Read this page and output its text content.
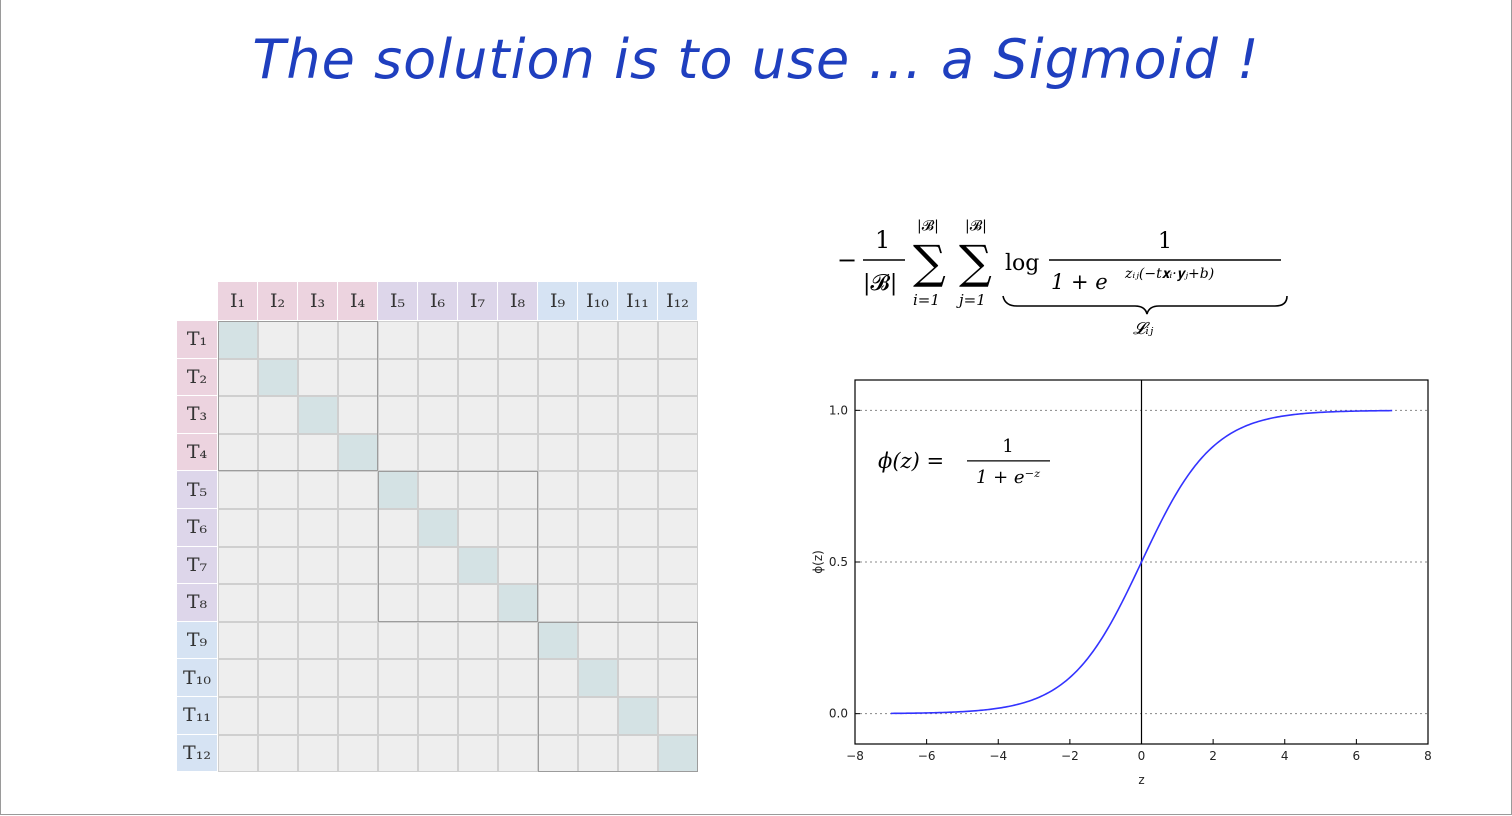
The solution is to use ... a Sigmoid !
I₁	I₂	I₃	I₄	I₅	I₆	I₇	I₈	I₉	I₁₀ I₁₁ I₁₂
T₁
T₂
T₃
T₄
T₅
T₆
T₇
T₈
T₉
T₁₀
T₁₁
T₁₂
−
1
|𝓑|
|𝓑|
∑
i=1
|𝓑|
∑
j=1
log
1
1 + e zᵢⱼ(−t𝐱ᵢ·𝐲ⱼ+b)
𝓛ᵢⱼ
0.0
0.5
1.0
−8	−6	−4	−2	0	2	4	6	8
z
ϕ(z)
ϕ(z) =
1
1 + e⁻ᶻ
